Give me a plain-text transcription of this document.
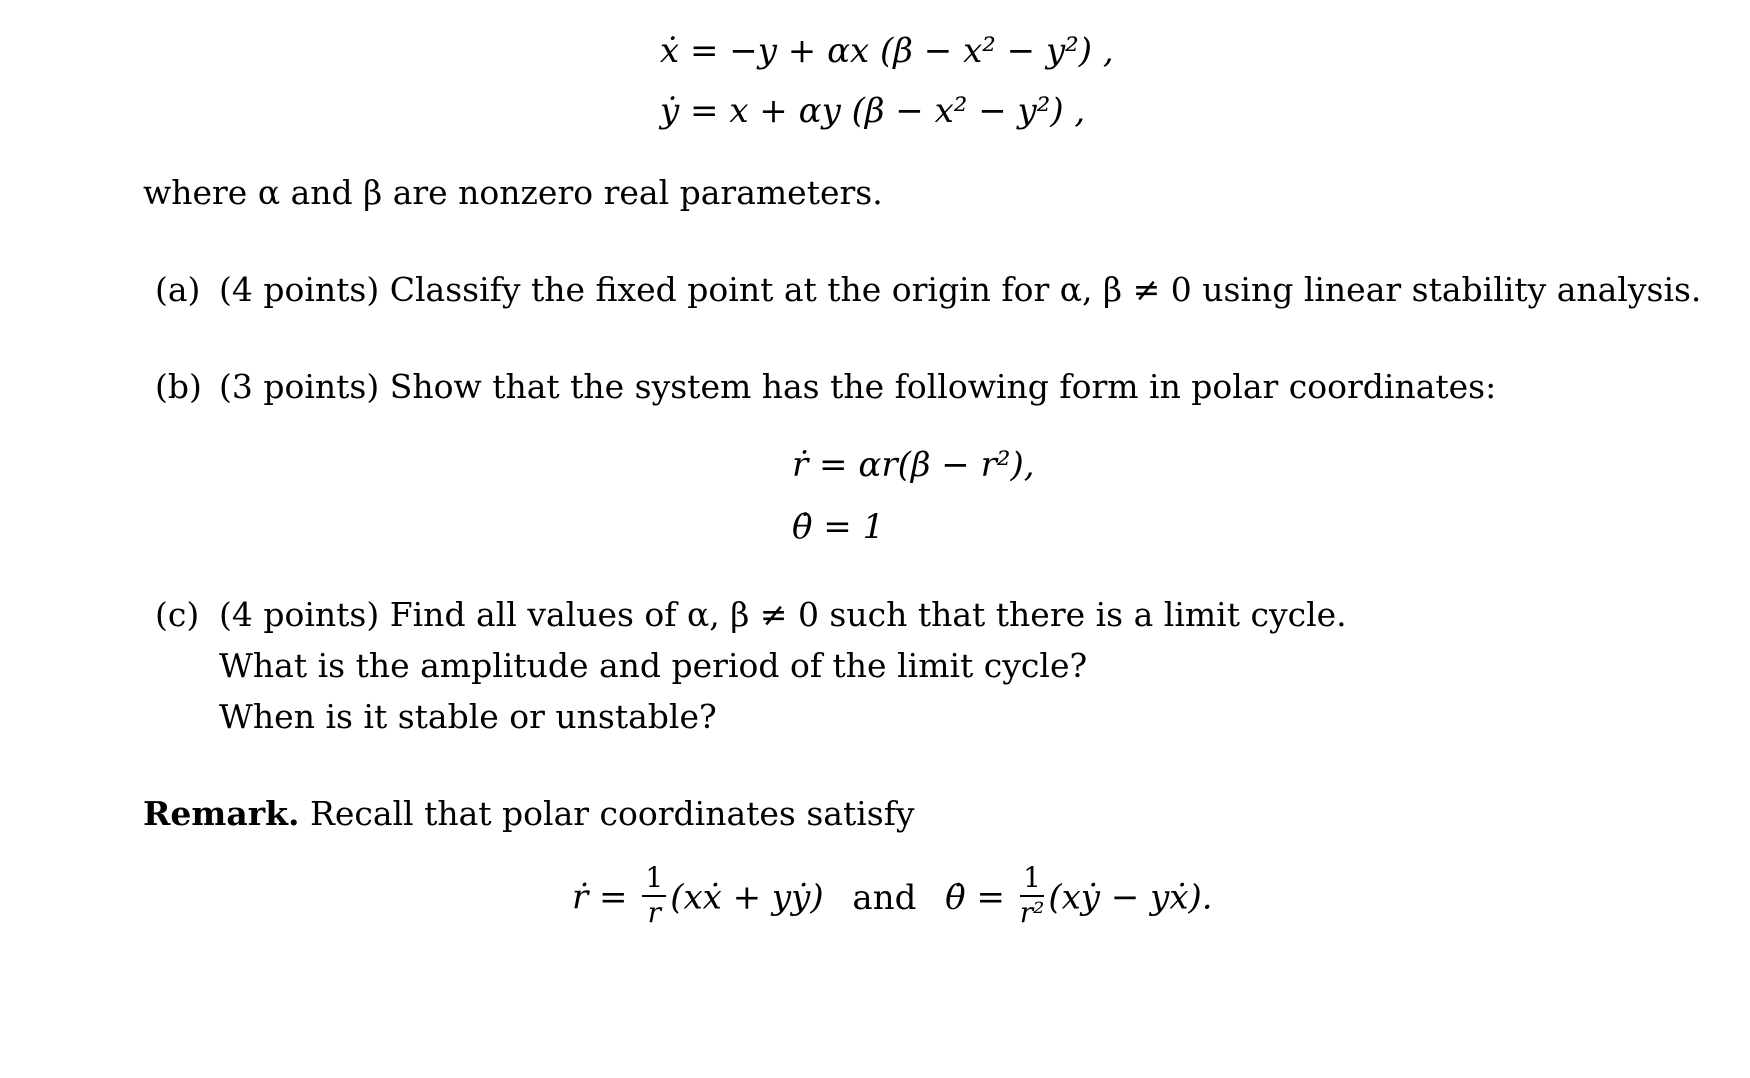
ẋ = −y + αx (β − x² − y²) ,
ẏ = x + αy (β − x² − y²) ,
where α and β are nonzero real parameters.
(a) (4 points) Classify the fixed point at the origin for α, β ≠ 0 using linear stability analysis.
(b) (3 points) Show that the system has the following form in polar coordinates:
ṙ = αr(β − r²),
θ̇ = 1
(c) (4 points) Find all values of α, β ≠ 0 such that there is a limit cycle.
What is the amplitude and period of the limit cycle?
When is it stable or unstable?
Remark. Recall that polar coordinates satisfy
ṙ = $\frac{1}{r}$ (xẋ + yẏ) and θ̇ = $\frac{1}{\text{r²}}$ (xẏ − yẋ).
